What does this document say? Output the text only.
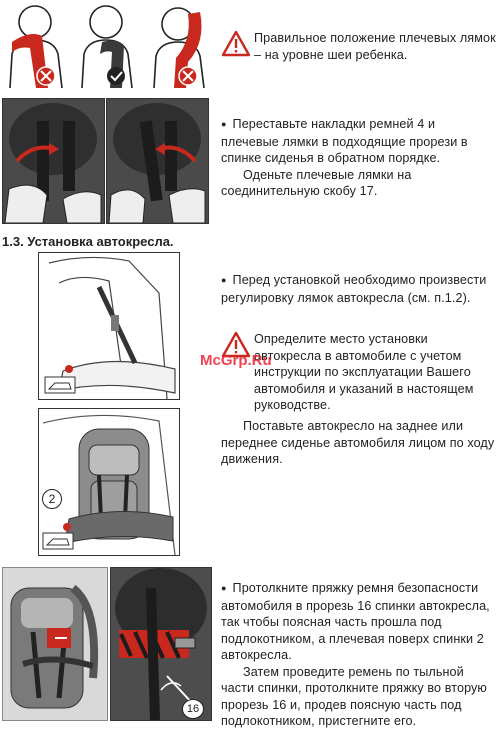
Правильное положение плечевых лямок – на уровне шеи ребенка.

● Переставьте накладки ремней 4 и плечевые лямки в подходящие прорези в спинке сиденья в обратном порядке.

Оденьте плечевые лямки на соединительную скобу 17.

1.3. Установка автокресла.
● Перед установкой необходимо произвести регулировку лямок автокресла (см. п.1.2).
Определите место установки автокресла в автомобиле с учетом инструкции по эксплуатации Вашего автомобиля и указаний в настоящем руководстве.
McGrp.Ru
2
Поставьте автокресло на заднее или переднее сиденье автомобиля лицом по ходу движения.
16

● Протолкните пряжку ремня безопасности автомобиля в прорезь 16 спинки автокресла, так чтобы поясная часть прошла под подлокотником, а плечевая поверх спинки 2 автокресла.

Затем проведите ремень по тыльной части спинки, протолкните пряжку во вторую прорезь 16 и, продев поясную часть под подлокотником, пристегните его.
